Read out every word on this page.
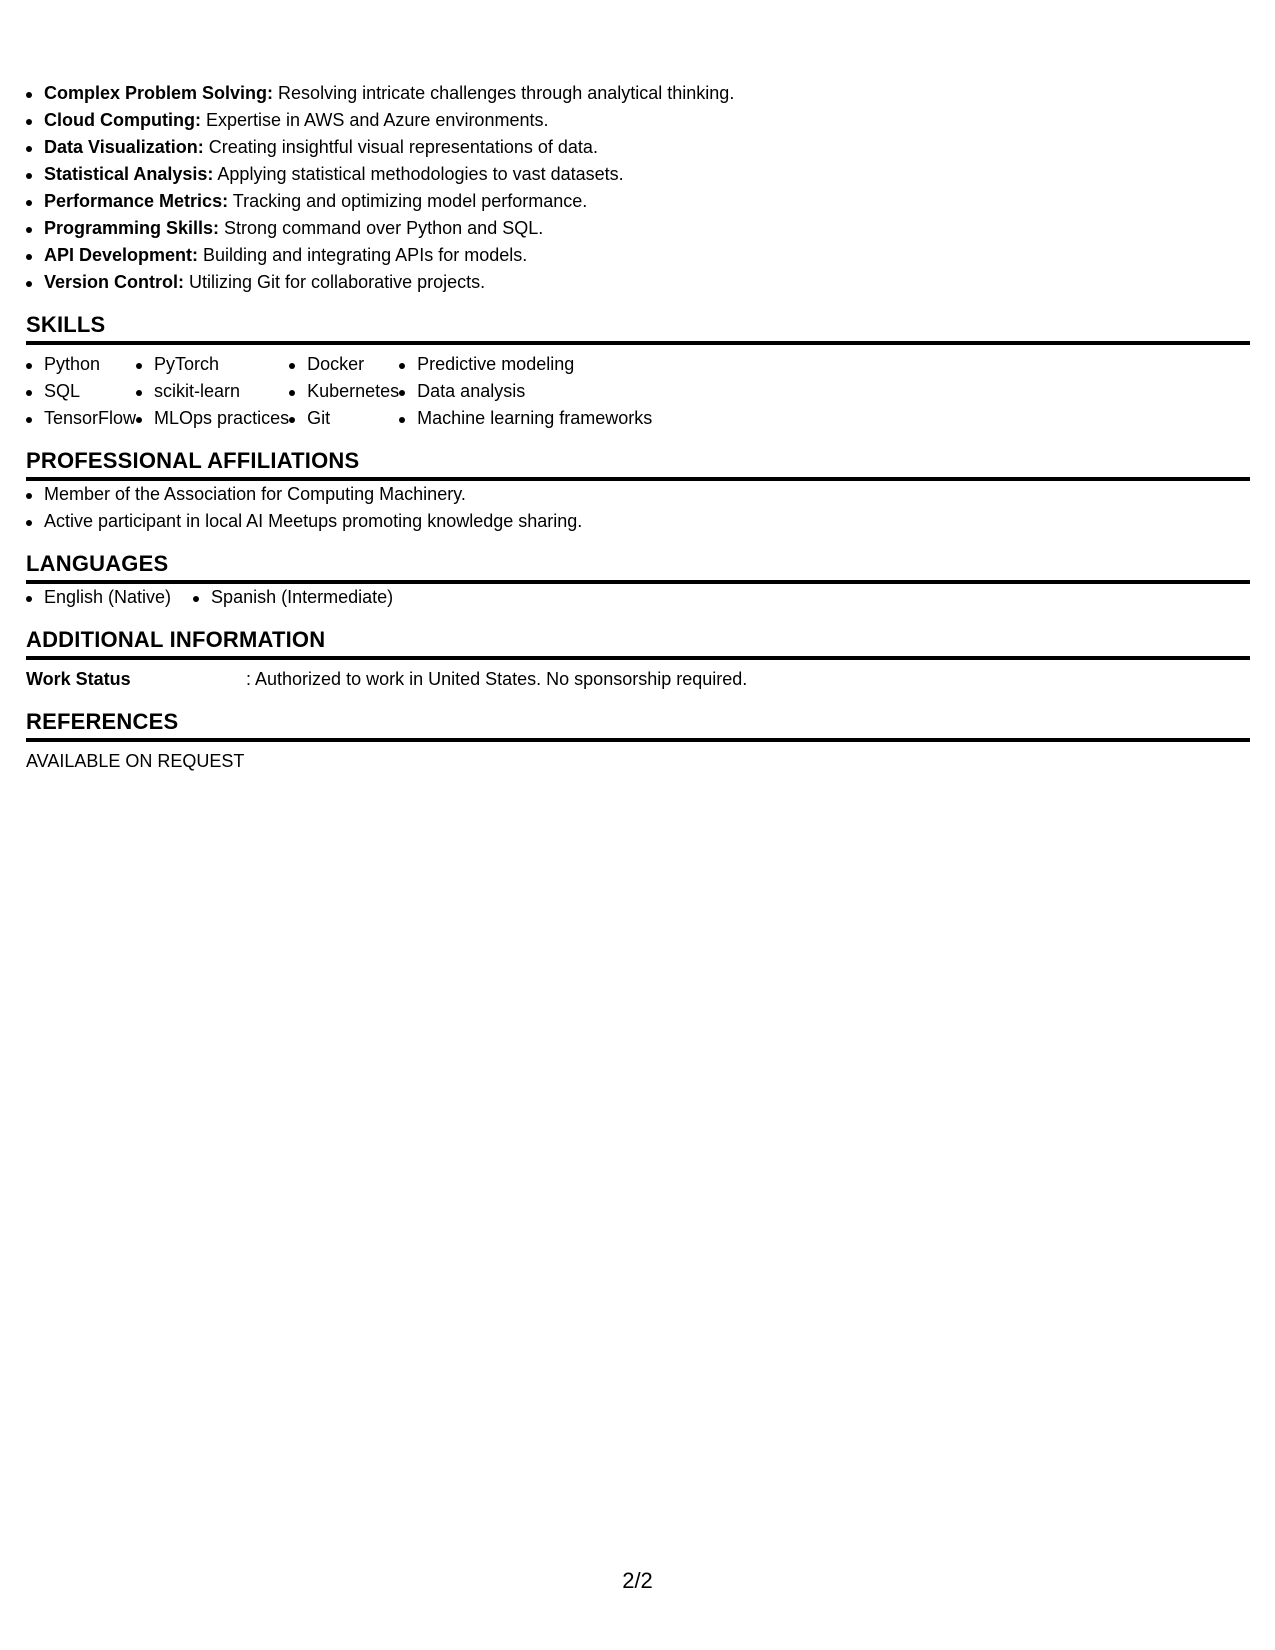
Complex Problem Solving: Resolving intricate challenges through analytical thinking.
Cloud Computing: Expertise in AWS and Azure environments.
Data Visualization: Creating insightful visual representations of data.
Statistical Analysis: Applying statistical methodologies to vast datasets.
Performance Metrics: Tracking and optimizing model performance.
Programming Skills: Strong command over Python and SQL.
API Development: Building and integrating APIs for models.
Version Control: Utilizing Git for collaborative projects.
SKILLS
Python
SQL
TensorFlow
PyTorch
scikit-learn
MLOps practices
Docker
Kubernetes
Git
Predictive modeling
Data analysis
Machine learning frameworks
PROFESSIONAL AFFILIATIONS
Member of the Association for Computing Machinery.
Active participant in local AI Meetups promoting knowledge sharing.
LANGUAGES
English (Native)	Spanish (Intermediate)
ADDITIONAL INFORMATION
Work Status	: Authorized to work in United States. No sponsorship required.
REFERENCES
AVAILABLE ON REQUEST
2/2
